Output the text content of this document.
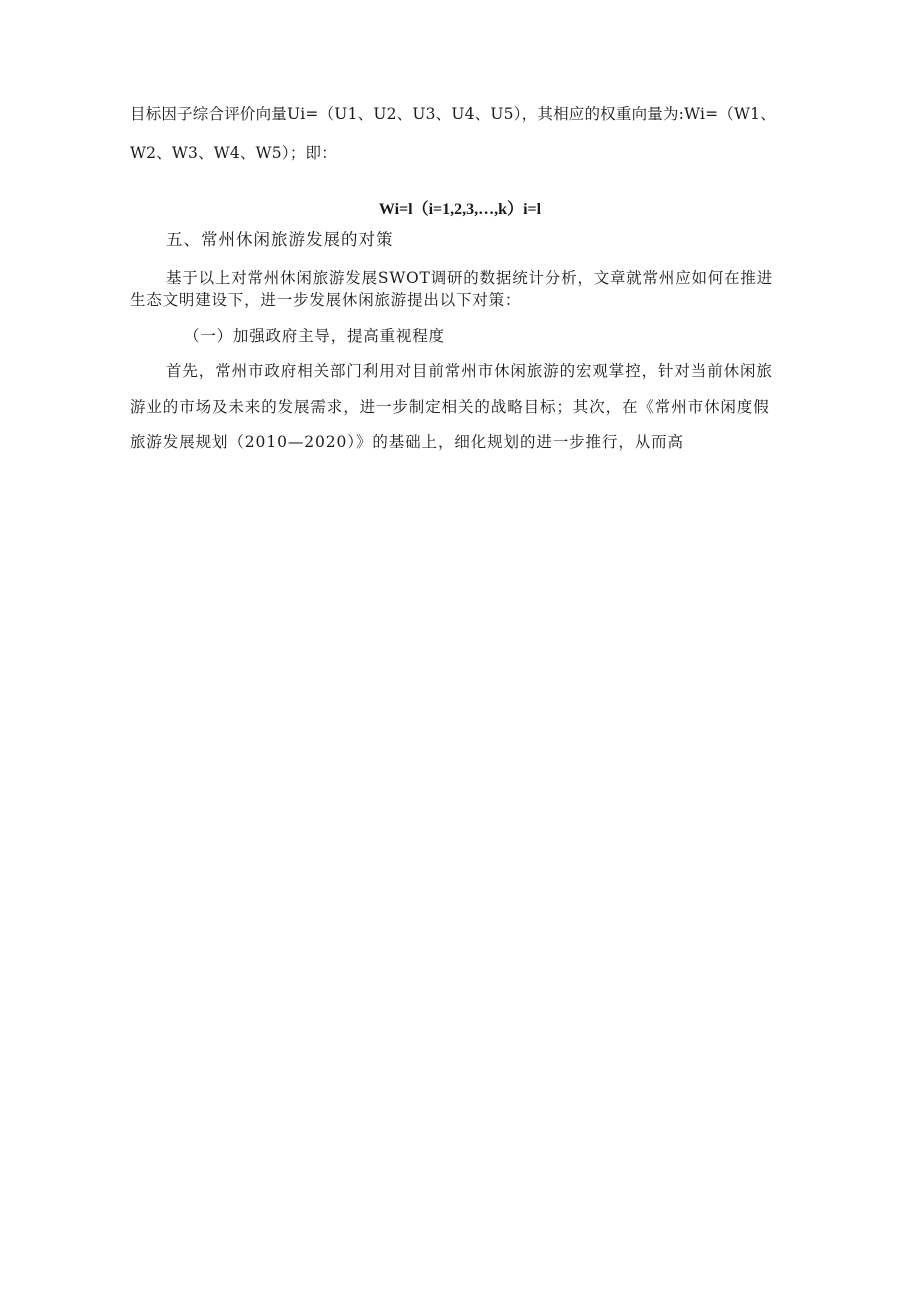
目标因子综合评价向量Ui=（U1、U2、U3、U4、U5），其相应的权重向量为:Wi=（W1、
W2、W3、W4、W5）；即：
Wi=l（i=1,2,3,…,k）i=l
五、常州休闲旅游发展的对策
基于以上对常州休闲旅游发展SWOT调研的数据统计分析，文章就常州应如何在推进
生态文明建设下，进一步发展休闲旅游提出以下对策：
（一）加强政府主导，提高重视程度
首先，常州市政府相关部门利用对目前常州市休闲旅游的宏观掌控，针对当前休闲旅
游业的市场及未来的发展需求，进一步制定相关的战略目标；其次，在《常州市休闲度假
旅游发展规划（2010—2020）》的基础上，细化规划的进一步推行，从而高
